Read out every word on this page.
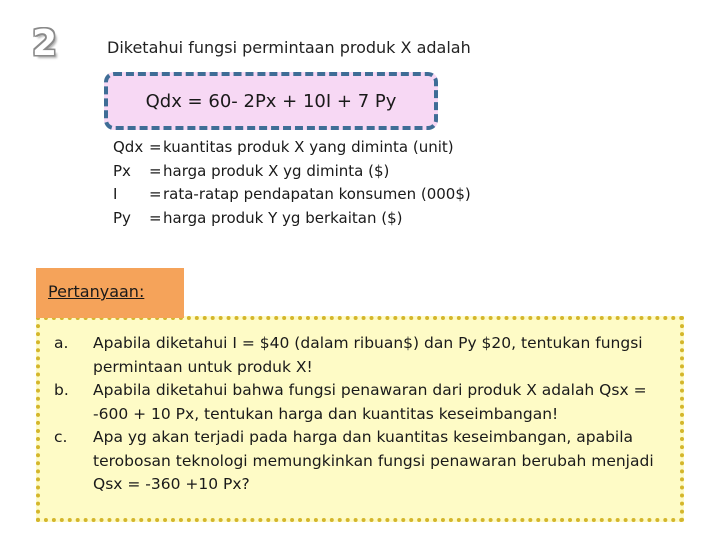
2	Diketahui fungsi permintaan produk X adalah
Qdx = 60- 2Px + 10I + 7 Py
Qdx	=	kuantitas produk X yang diminta (unit)
Px	=	harga produk X yg diminta ($)
I	=	rata-ratap pendapatan konsumen (000$)
Py	=	harga produk Y yg berkaitan ($)
Pertanyaan:
a.	Apabila diketahui I = $40 (dalam ribuan$) dan Py $20, tentukan fungsi permintaan untuk produk X!
b.	Apabila diketahui bahwa fungsi penawaran dari produk X adalah Qsx = -600 + 10 Px, tentukan harga dan kuantitas keseimbangan!
c.	Apa yg akan terjadi pada harga dan kuantitas keseimbangan, apabila terobosan teknologi memungkinkan fungsi penawaran berubah menjadi Qsx = -360 +10 Px?
